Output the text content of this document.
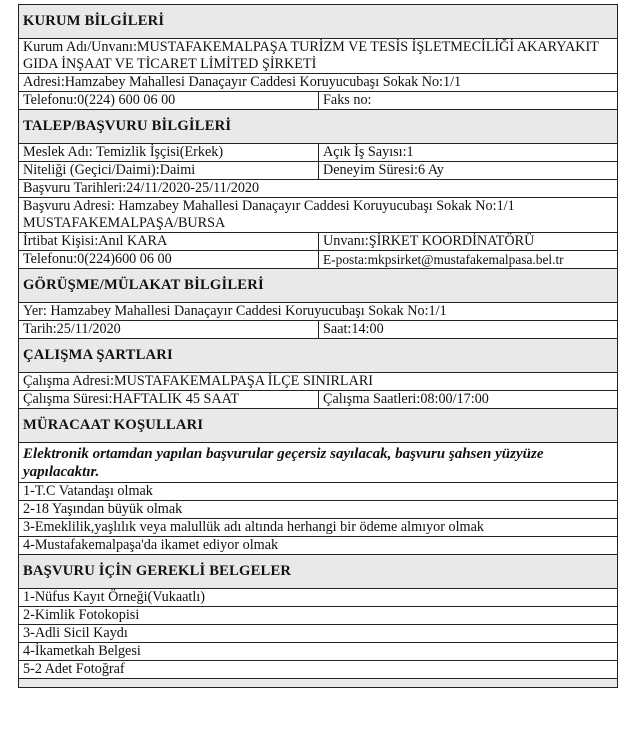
KURUM BİLGİLERİ	
Kurum Adı/Unvanı:MUSTAFAKEMALPAŞA TURİZM VE TESİS İŞLETMECİLİĞİ AKARYAKIT GIDA İNŞAAT VE TİCARET LİMİTED ŞİRKETİ	
Adresi:Hamzabey Mahallesi Danaçayır Caddesi Koruyucubaşı Sokak No:1/1	
Telefonu:0(224) 600 06 00	Faks no:
TALEP/BAŞVURU BİLGİLERİ	
Meslek Adı: Temizlik İşçisi(Erkek)	Açık İş Sayısı:1
Niteliği (Geçici/Daimi):Daimi	Deneyim Süresi:6 Ay
Başvuru Tarihleri:24/11/2020-25/11/2020	
Başvuru Adresi: Hamzabey Mahallesi Danaçayır Caddesi Koruyucubaşı Sokak No:1/1 MUSTAFAKEMALPAŞA/BURSA	
İrtibat Kişisi:Anıl KARA	Unvanı:ŞİRKET KOORDİNATÖRÜ
Telefonu:0(224)600 06 00	E-posta:mkpsirket@mustafakemalpasa.bel.tr
GÖRÜŞME/MÜLAKAT BİLGİLERİ	
Yer: Hamzabey Mahallesi Danaçayır Caddesi Koruyucubaşı Sokak No:1/1	
Tarih:25/11/2020	Saat:14:00
ÇALIŞMA ŞARTLARI	
Çalışma Adresi:MUSTAFAKEMALPAŞA İLÇE SINIRLARI	
Çalışma Süresi:HAFTALIK 45 SAAT	Çalışma Saatleri:08:00/17:00
MÜRACAAT KOŞULLARI	
Elektronik ortamdan yapılan başvurular geçersiz sayılacak, başvuru şahsen yüzyüze yapılacaktır.	
1-T.C Vatandaşı olmak	
2-18 Yaşından büyük olmak	
3-Emeklilik,yaşlılık veya malullük adı altında herhangi bir ödeme almıyor olmak	
4-Mustafakemalpaşa'da ikamet ediyor olmak	
BAŞVURU İÇİN GEREKLİ BELGELER	
1-Nüfus Kayıt Örneği(Vukaatlı)	
2-Kimlik Fotokopisi	
3-Adli Sicil Kaydı	
4-İkametkah Belgesi	
5-2 Adet Fotoğraf	
